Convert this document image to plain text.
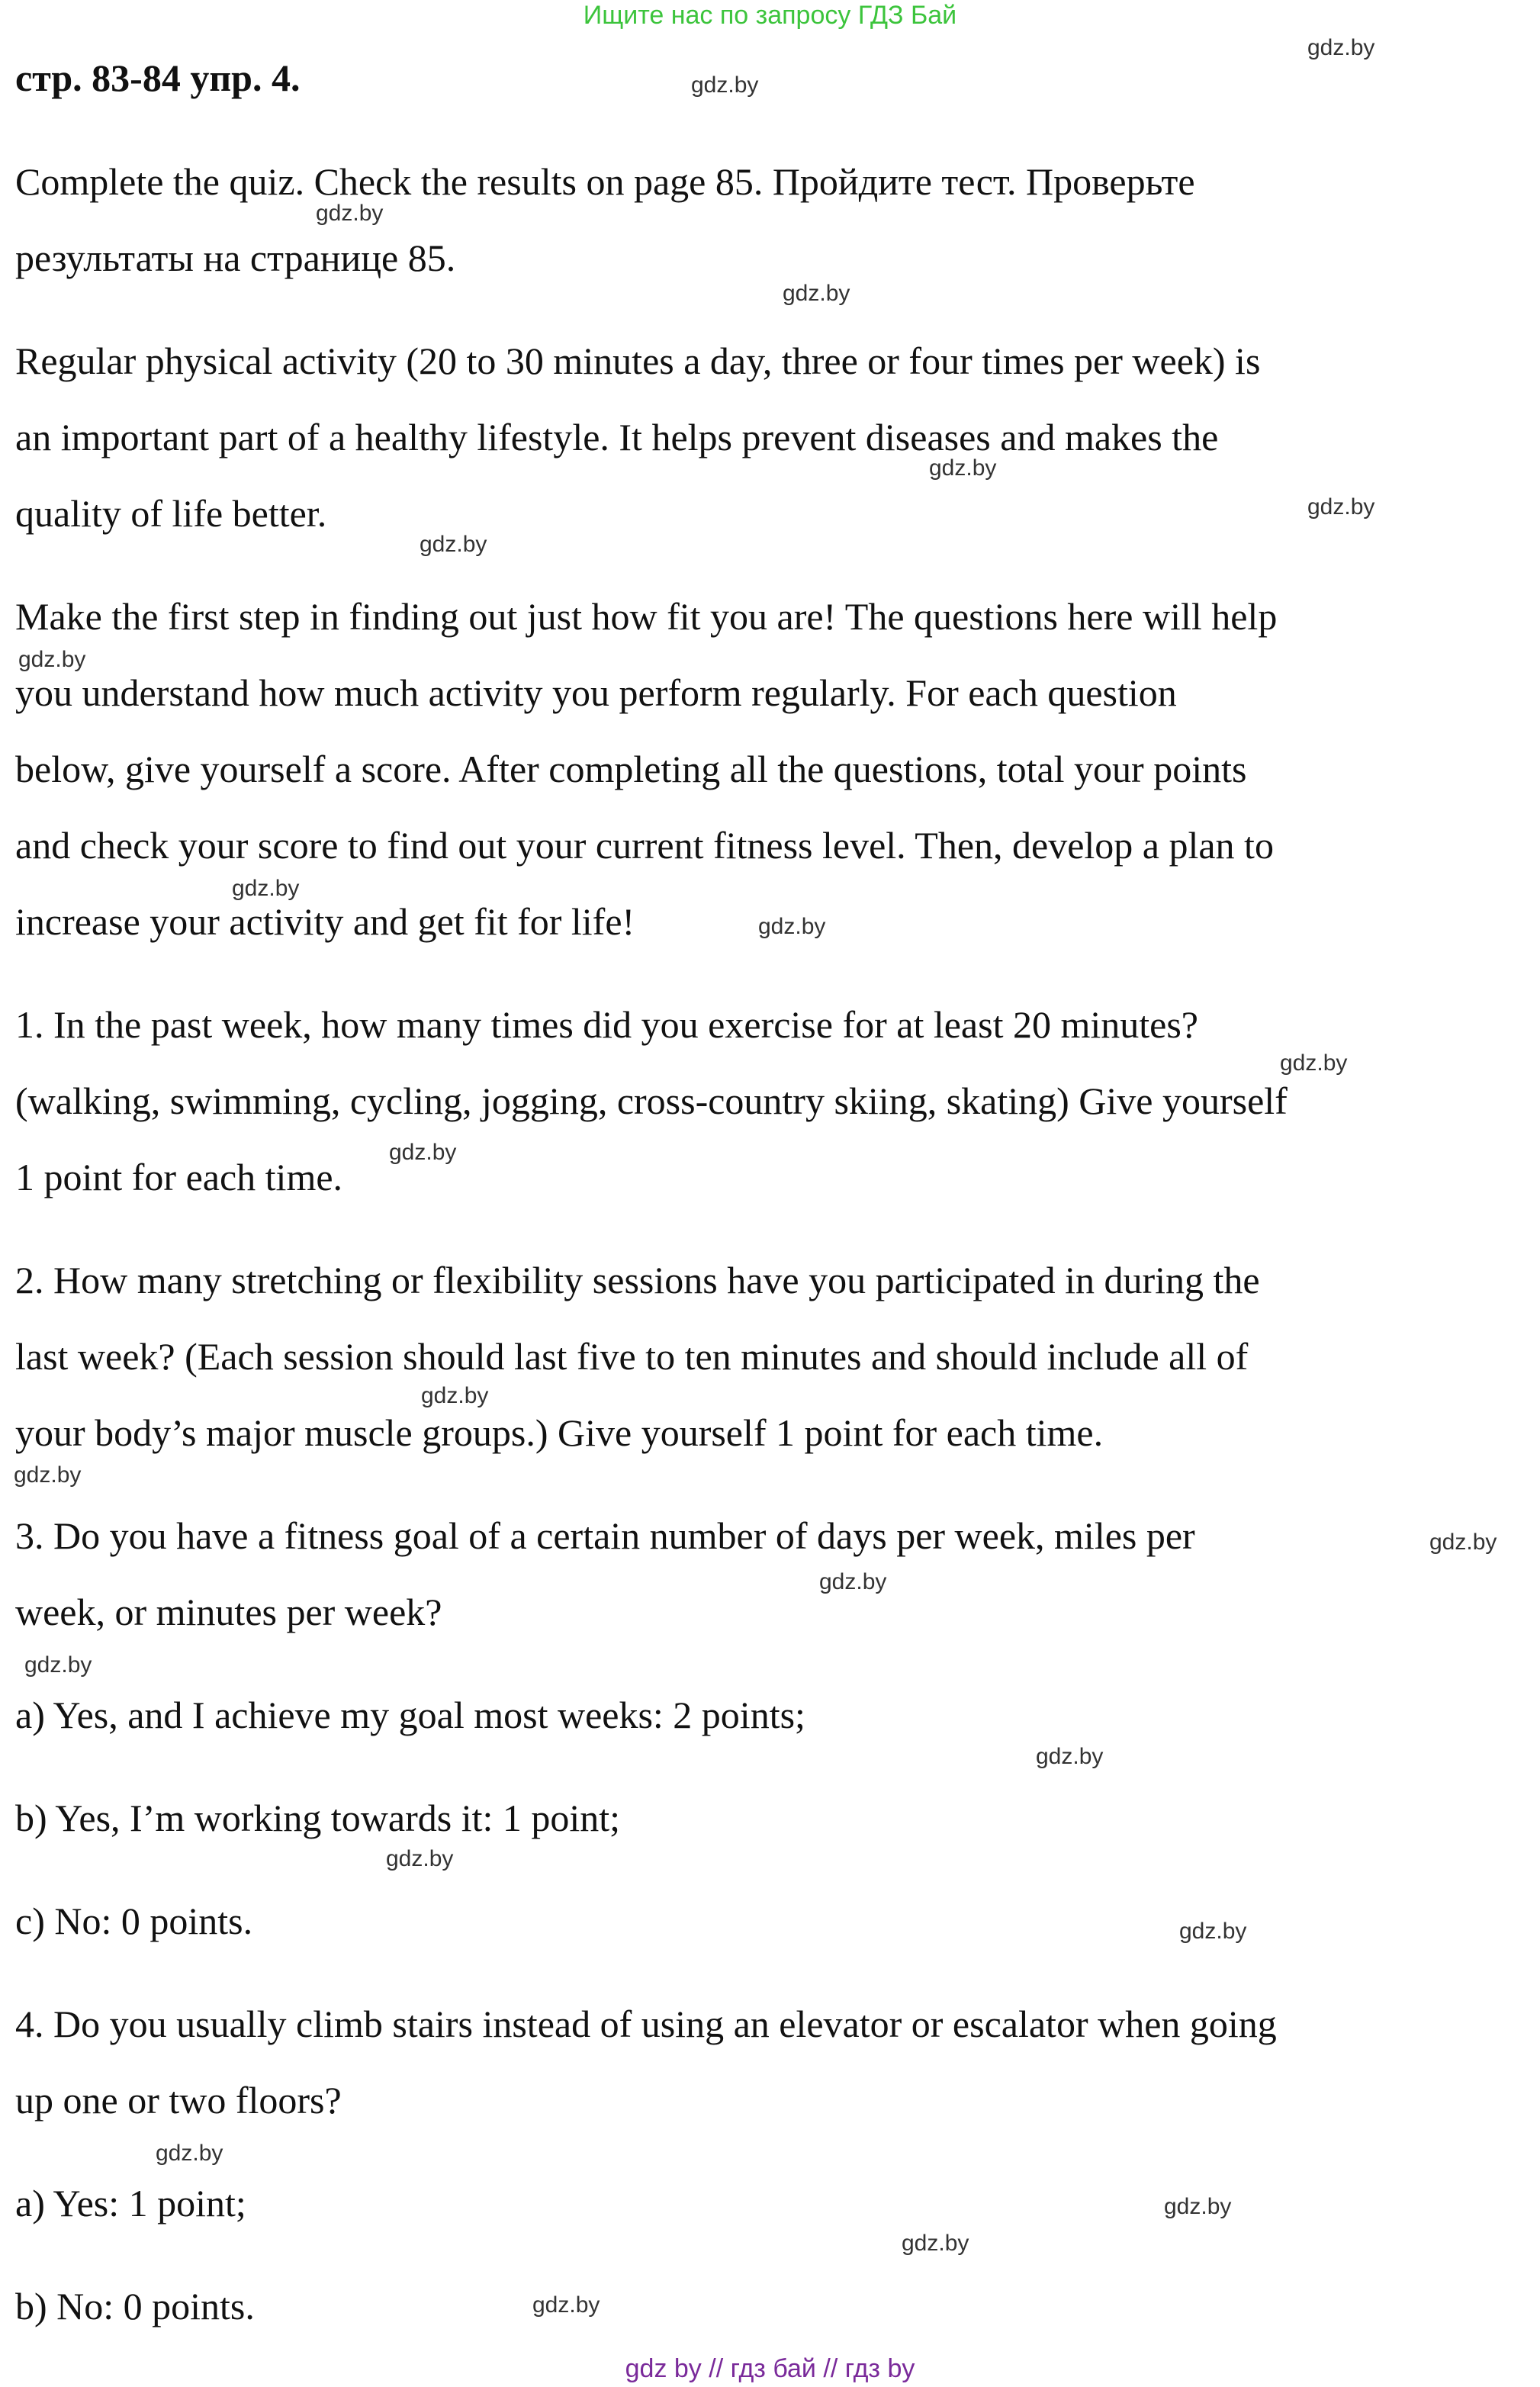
Ищите нас по запросу ГДЗ Бай
стр. 83-84 упр. 4.
Complete the quiz. Check the results on page 85. Пройдите тест. Проверьте
результаты на странице 85.
Regular physical activity (20 to 30 minutes a day, three or four times per week) is
an important part of a healthy lifestyle. It helps prevent diseases and makes the
quality of life better.
Make the first step in finding out just how fit you are! The questions here will help
you understand how much activity you perform regularly. For each question
below, give yourself a score. After completing all the questions, total your points
and check your score to find out your current fitness level. Then, develop a plan to
increase your activity and get fit for life!
1. In the past week, how many times did you exercise for at least 20 minutes?
(walking, swimming, cycling, jogging, cross-country skiing, skating) Give yourself
1 point for each time.
2. How many stretching or flexibility sessions have you participated in during the
last week? (Each session should last five to ten minutes and should include all of
your body’s major muscle groups.) Give yourself 1 point for each time.
3. Do you have a fitness goal of a certain number of days per week, miles per
week, or minutes per week?
a) Yes, and I achieve my goal most weeks: 2 points;
b) Yes, I’m working towards it: 1 point;
c) No: 0 points.
4. Do you usually climb stairs instead of using an elevator or escalator when going
up one or two floors?
a) Yes: 1 point;
b) No: 0 points.
gdz.by
gdz.by
gdz.by
gdz.by
gdz.by
gdz.by
gdz.by
gdz.by
gdz.by
gdz.by
gdz.by
gdz.by
gdz.by
gdz.by
gdz.by
gdz.by
gdz.by
gdz.by
gdz.by
gdz.by
gdz.by
gdz.by
gdz.by
gdz.by
gdz by // гдз бай // гдз by
